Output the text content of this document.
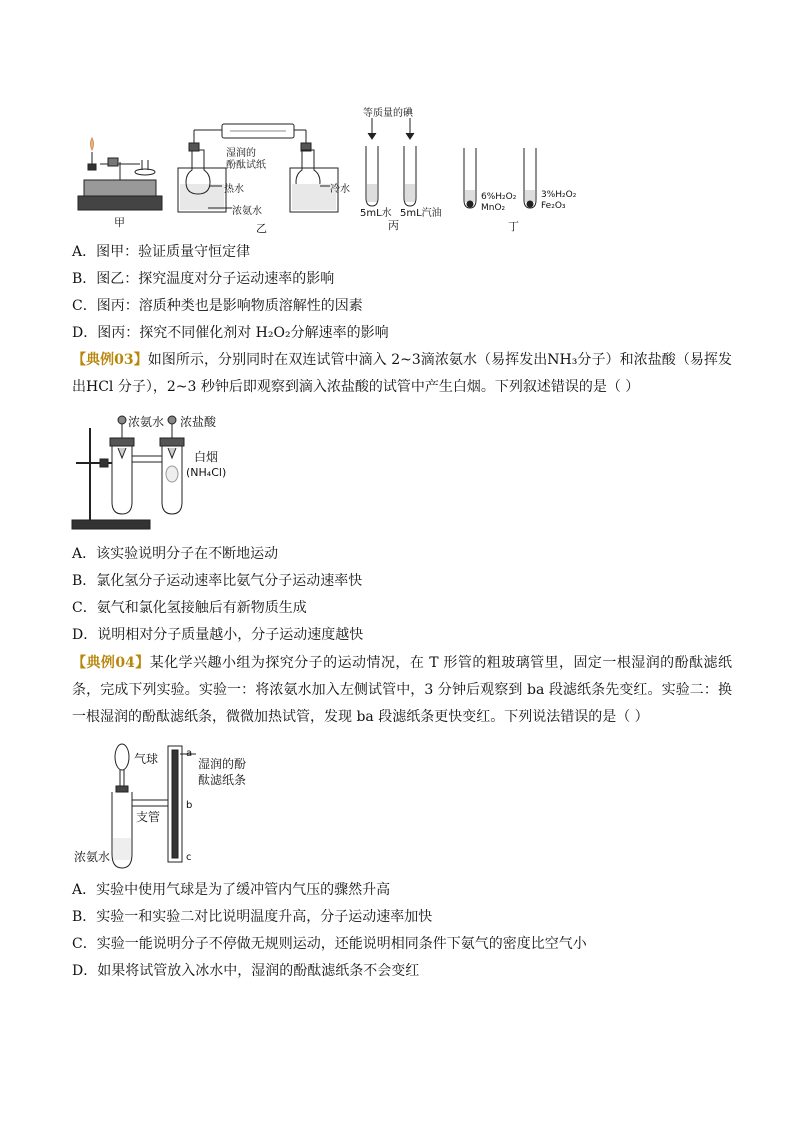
湿润的
酚酞试纸
热水	冷水
浓氨水
等质量的碘
5mL水 5mL汽油
6%H₂O₂
MnO₂
3%H₂O₂
Fe₂O₃
甲	乙	丙	丁
A．图甲：验证质量守恒定律
B．图乙：探究温度对分子运动速率的影响
C．图丙：溶质种类也是影响物质溶解性的因素
D．图丙：探究不同催化剂对 H₂O₂分解速率的影响
【典例03】如图所示，分别同时在双连试管中滴入 2~3滴浓氨水（易挥发出NH₃分子）和浓盐酸（易挥发出HCl 分子），2~3 秒钟后即观察到滴入浓盐酸的试管中产生白烟。下列叙述错误的是（ ）
浓氨水 浓盐酸
白烟
(NH₄Cl)
A．该实验说明分子在不断地运动
B．氯化氢分子运动速率比氨气分子运动速率快
C．氨气和氯化氢接触后有新物质生成
D．说明相对分子质量越小，分子运动速度越快
【典例04】某化学兴趣小组为探究分子的运动情况，在 T 形管的粗玻璃管里，固定一根湿润的酚酞滤纸条，完成下列实验。实验一：将浓氨水加入左侧试管中，3 分钟后观察到 ba 段滤纸条先变红。实验二：换一根湿润的酚酞滤纸条，微微加热试管，发现 ba 段滤纸条更快变红。下列说法错误的是（ ）
气球
支管
浓氨水
a
b
c
湿润的酚
酞滤纸条
A．实验中使用气球是为了缓冲管内气压的骤然升高
B．实验一和实验二对比说明温度升高，分子运动速率加快
C．实验一能说明分子不停做无规则运动，还能说明相同条件下氨气的密度比空气小
D．如果将试管放入冰水中，湿润的酚酞滤纸条不会变红
